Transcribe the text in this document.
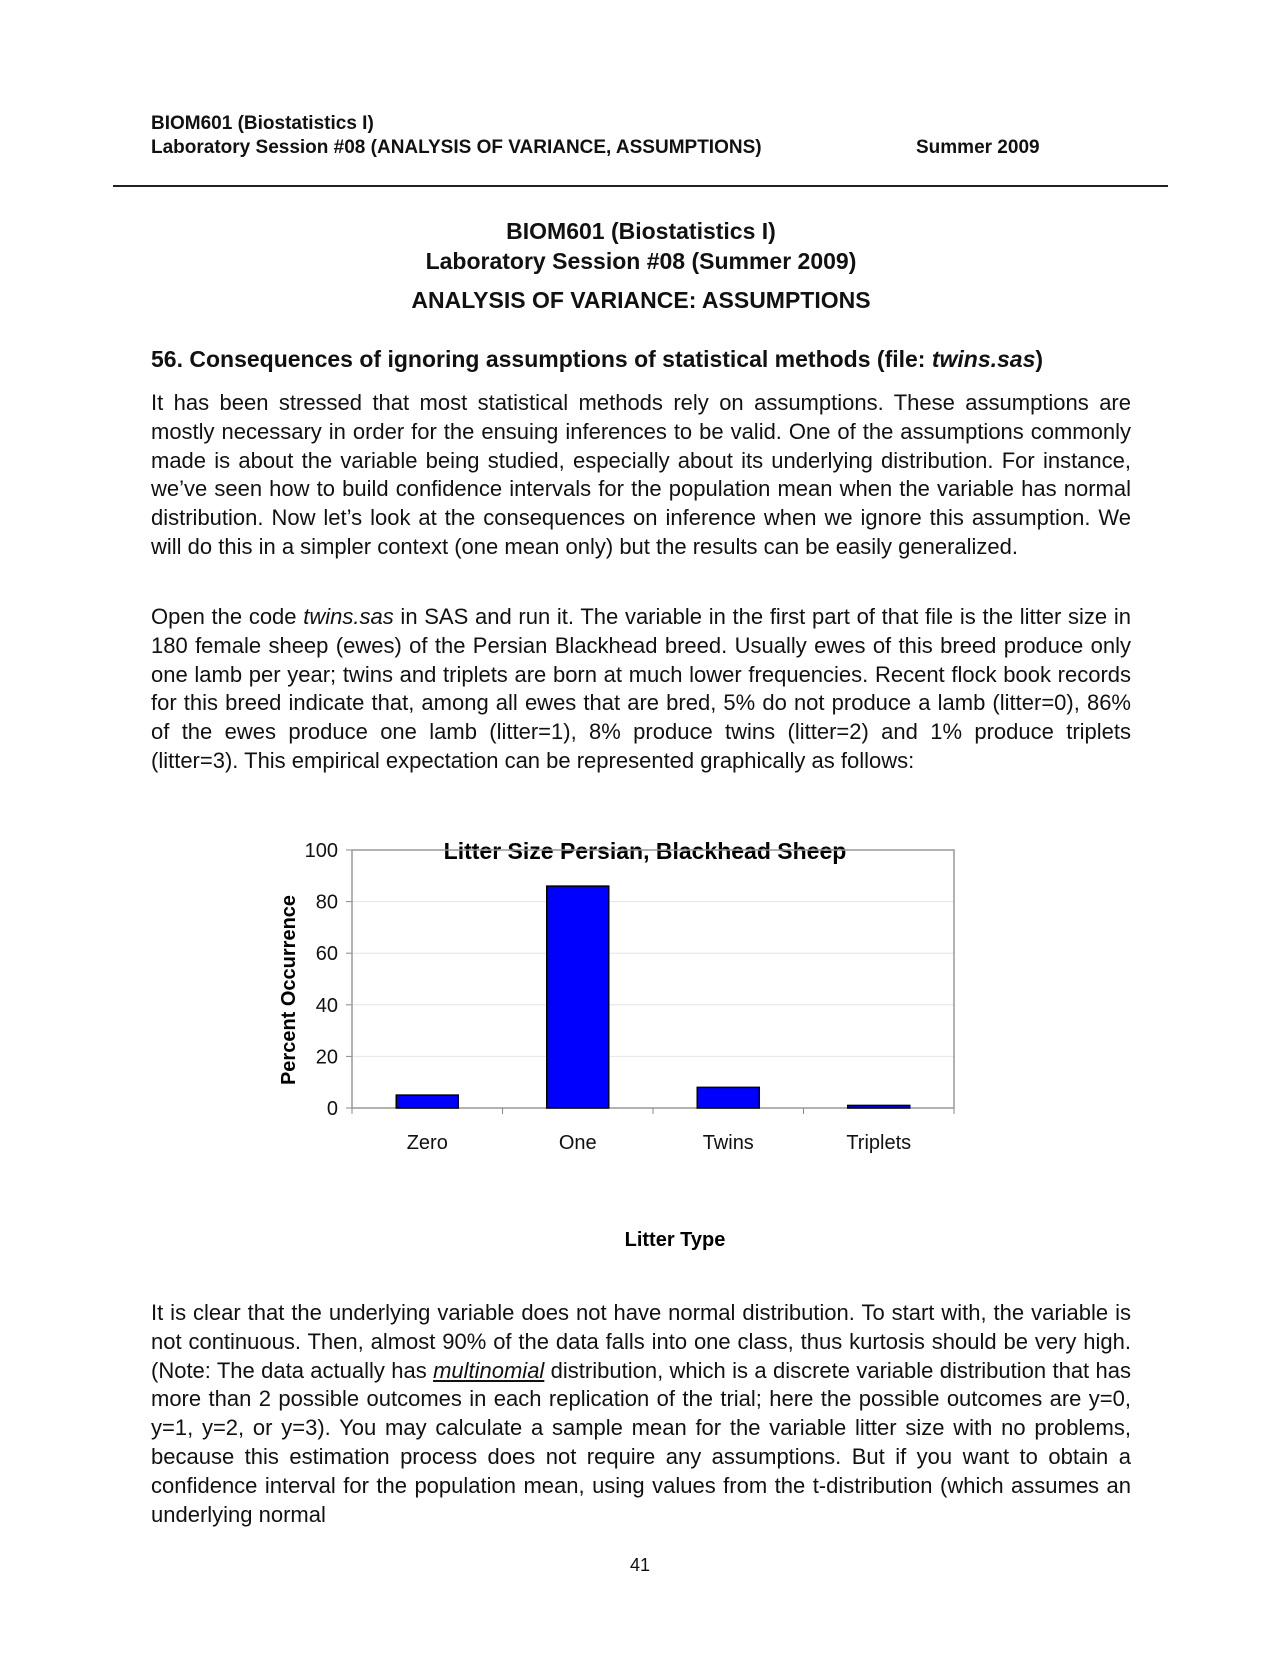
BIOM601 (Biostatistics I)
Laboratory Session #08 (ANALYSIS OF VARIANCE, ASSUMPTIONS)	Summer 2009
BIOM601 (Biostatistics I)
Laboratory Session #08 (Summer 2009)
ANALYSIS OF VARIANCE: ASSUMPTIONS
56. Consequences of ignoring assumptions of statistical methods (file: twins.sas)
It has been stressed that most statistical methods rely on assumptions. These assumptions are mostly necessary in order for the ensuing inferences to be valid. One of the assumptions commonly made is about the variable being studied, especially about its underlying distribution. For instance, we’ve seen how to build confidence intervals for the population mean when the variable has normal distribution. Now let’s look at the consequences on inference when we ignore this assumption. We will do this in a simpler context (one mean only) but the results can be easily generalized.
Open the code twins.sas in SAS and run it. The variable in the first part of that file is the litter size in 180 female sheep (ewes) of the Persian Blackhead breed. Usually ewes of this breed produce only one lamb per year; twins and triplets are born at much lower frequencies. Recent flock book records for this breed indicate that, among all ewes that are bred, 5% do not produce a lamb (litter=0), 86% of the ewes produce one lamb (litter=1), 8% produce twins (litter=2) and 1% produce triplets (litter=3). This empirical expectation can be represented graphically as follows:
Litter Size Persian, Blackhead Sheep
Percent Occurrence
Litter Type
0
20
40
60
80
100
Zero	One	Twins	Triplets
It is clear that the underlying variable does not have normal distribution. To start with, the variable is not continuous. Then, almost 90% of the data falls into one class, thus kurtosis should be very high. (Note: The data actually has multinomial distribution, which is a discrete variable distribution that has more than 2 possible outcomes in each replication of the trial; here the possible outcomes are y=0, y=1, y=2, or y=3). You may calculate a sample mean for the variable litter size with no problems, because this estimation process does not require any assumptions. But if you want to obtain a confidence interval for the population mean, using values from the t-distribution (which assumes an underlying normal
41
